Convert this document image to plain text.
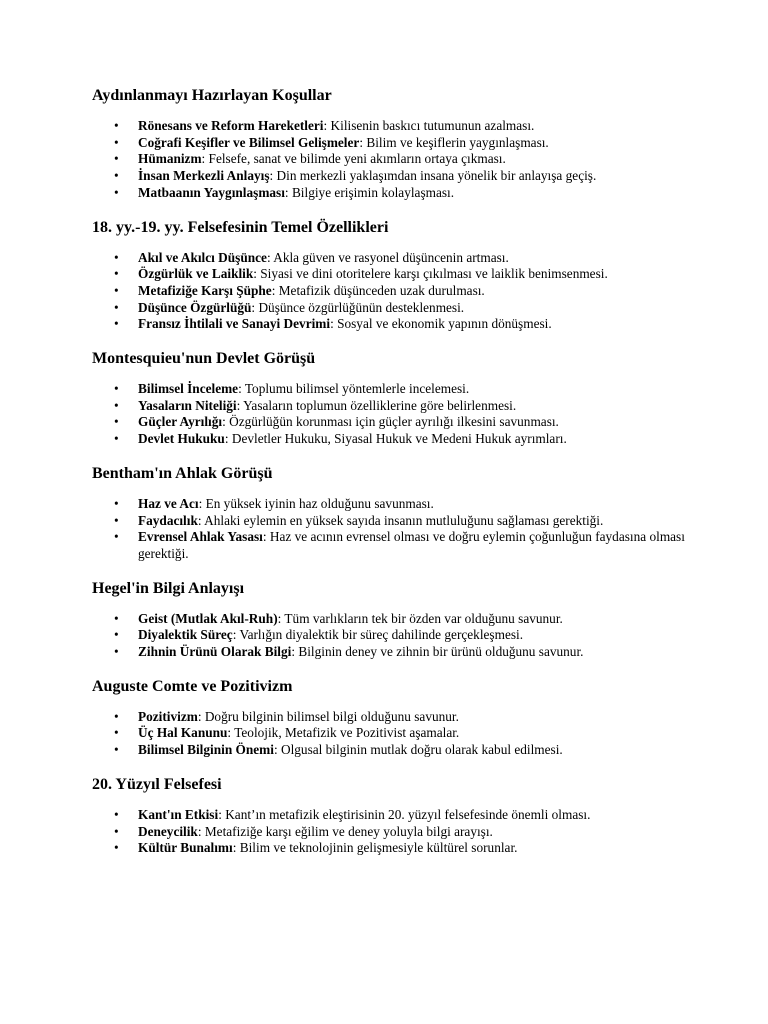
Aydınlanmayı Hazırlayan Koşullar
• Rönesans ve Reform Hareketleri: Kilisenin baskıcı tutumunun azalması.
• Coğrafi Keşifler ve Bilimsel Gelişmeler: Bilim ve keşiflerin yaygınlaşması.
• Hümanizm: Felsefe, sanat ve bilimde yeni akımların ortaya çıkması.
• İnsan Merkezli Anlayış: Din merkezli yaklaşımdan insana yönelik bir anlayışa geçiş.
• Matbaanın Yaygınlaşması: Bilgiye erişimin kolaylaşması.
18. yy.-19. yy. Felsefesinin Temel Özellikleri
• Akıl ve Akılcı Düşünce: Akla güven ve rasyonel düşüncenin artması.
• Özgürlük ve Laiklik: Siyasi ve dini otoritelere karşı çıkılması ve laiklik benimsenmesi.
• Metafiziğe Karşı Şüphe: Metafizik düşünceden uzak durulması.
• Düşünce Özgürlüğü: Düşünce özgürlüğünün desteklenmesi.
• Fransız İhtilali ve Sanayi Devrimi: Sosyal ve ekonomik yapının dönüşmesi.
Montesquieu'nun Devlet Görüşü
• Bilimsel İnceleme: Toplumu bilimsel yöntemlerle incelemesi.
• Yasaların Niteliği: Yasaların toplumun özelliklerine göre belirlenmesi.
• Güçler Ayrılığı: Özgürlüğün korunması için güçler ayrılığı ilkesini savunması.
• Devlet Hukuku: Devletler Hukuku, Siyasal Hukuk ve Medeni Hukuk ayrımları.
Bentham'ın Ahlak Görüşü
• Haz ve Acı: En yüksek iyinin haz olduğunu savunması.
• Faydacılık: Ahlaki eylemin en yüksek sayıda insanın mutluluğunu sağlaması gerektiği.
• Evrensel Ahlak Yasası: Haz ve acının evrensel olması ve doğru eylemin çoğunluğun faydasına olması gerektiği.
Hegel'in Bilgi Anlayışı
• Geist (Mutlak Akıl-Ruh): Tüm varlıkların tek bir özden var olduğunu savunur.
• Diyalektik Süreç: Varlığın diyalektik bir süreç dahilinde gerçekleşmesi.
• Zihnin Ürünü Olarak Bilgi: Bilginin deney ve zihnin bir ürünü olduğunu savunur.
Auguste Comte ve Pozitivizm
• Pozitivizm: Doğru bilginin bilimsel bilgi olduğunu savunur.
• Üç Hal Kanunu: Teolojik, Metafizik ve Pozitivist aşamalar.
• Bilimsel Bilginin Önemi: Olgusal bilginin mutlak doğru olarak kabul edilmesi.
20. Yüzyıl Felsefesi
• Kant'ın Etkisi: Kant’ın metafizik eleştirisinin 20. yüzyıl felsefesinde önemli olması.
• Deneycilik: Metafiziğe karşı eğilim ve deney yoluyla bilgi arayışı.
• Kültür Bunalımı: Bilim ve teknolojinin gelişmesiyle kültürel sorunlar.
